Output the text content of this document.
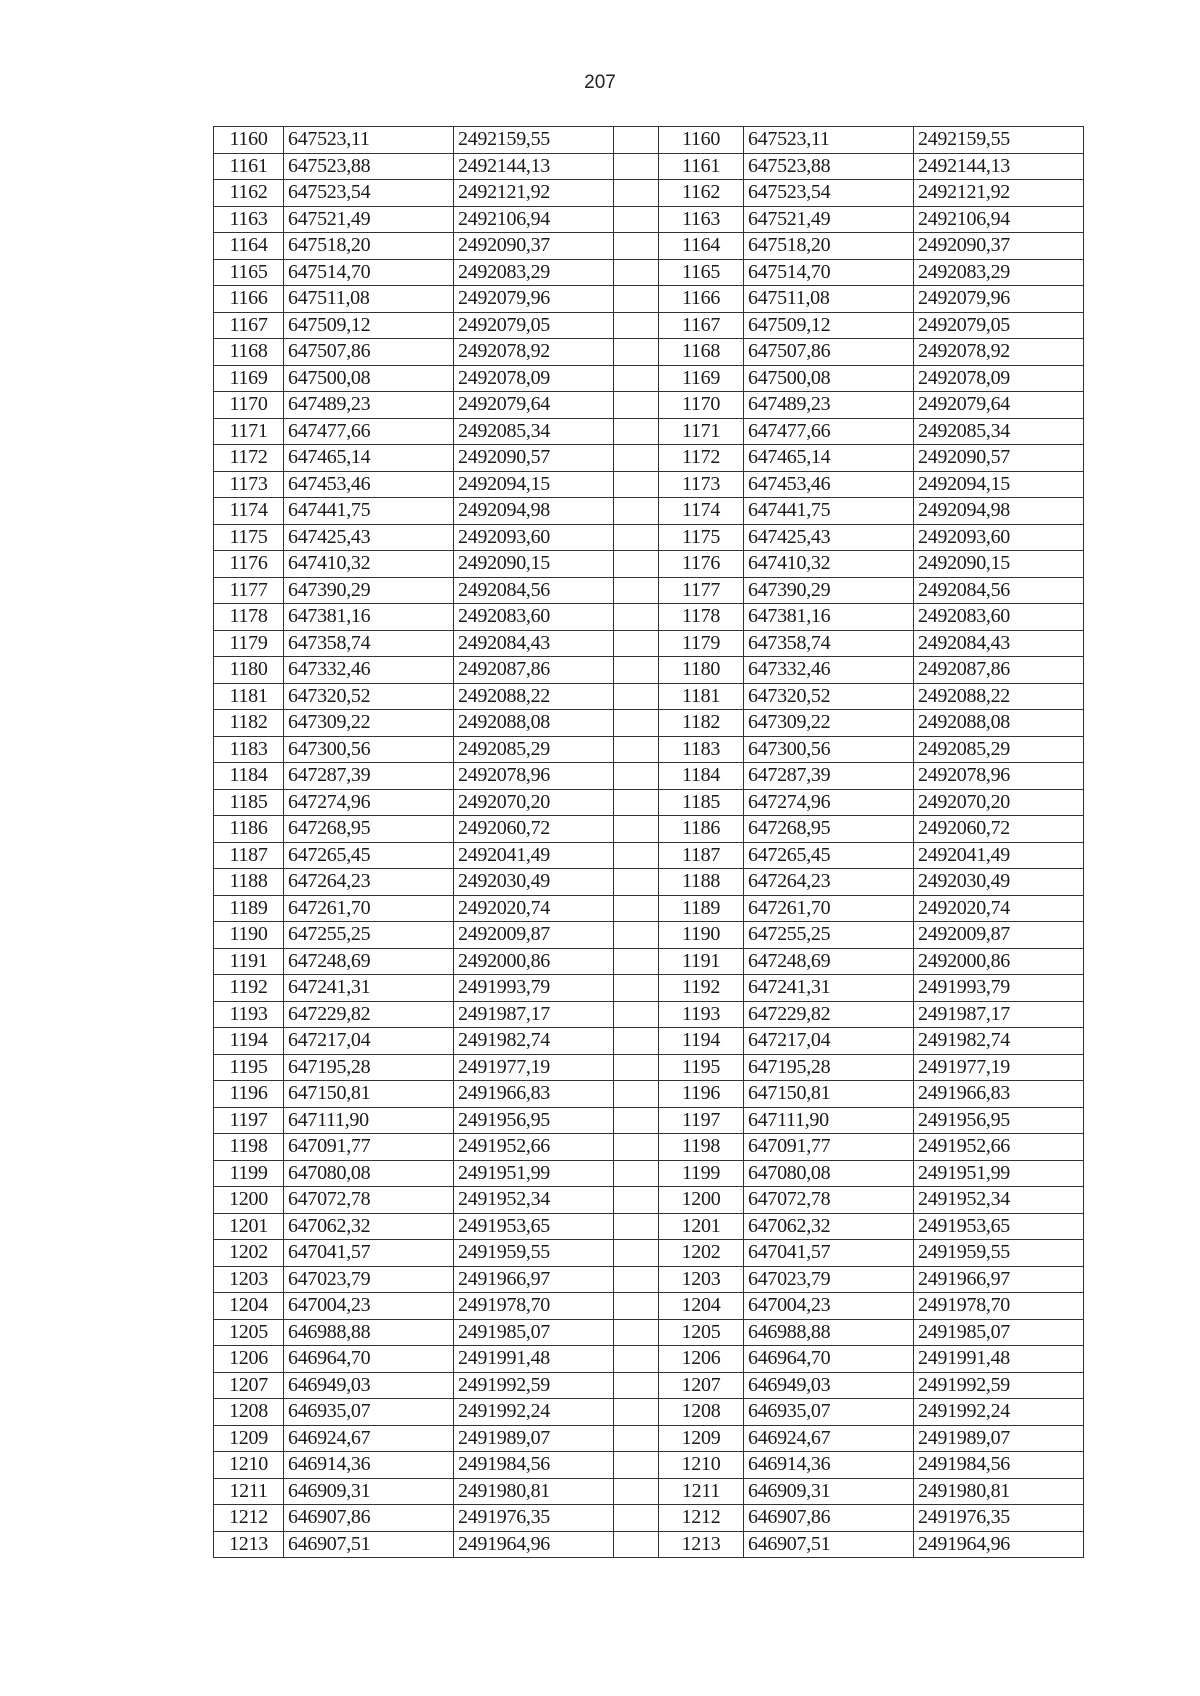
207
1160	647523,11	2492159,55		1160	647523,11	2492159,55
1161	647523,88	2492144,13		1161	647523,88	2492144,13
1162	647523,54	2492121,92		1162	647523,54	2492121,92
1163	647521,49	2492106,94		1163	647521,49	2492106,94
1164	647518,20	2492090,37		1164	647518,20	2492090,37
1165	647514,70	2492083,29		1165	647514,70	2492083,29
1166	647511,08	2492079,96		1166	647511,08	2492079,96
1167	647509,12	2492079,05		1167	647509,12	2492079,05
1168	647507,86	2492078,92		1168	647507,86	2492078,92
1169	647500,08	2492078,09		1169	647500,08	2492078,09
1170	647489,23	2492079,64		1170	647489,23	2492079,64
1171	647477,66	2492085,34		1171	647477,66	2492085,34
1172	647465,14	2492090,57		1172	647465,14	2492090,57
1173	647453,46	2492094,15		1173	647453,46	2492094,15
1174	647441,75	2492094,98		1174	647441,75	2492094,98
1175	647425,43	2492093,60		1175	647425,43	2492093,60
1176	647410,32	2492090,15		1176	647410,32	2492090,15
1177	647390,29	2492084,56		1177	647390,29	2492084,56
1178	647381,16	2492083,60		1178	647381,16	2492083,60
1179	647358,74	2492084,43		1179	647358,74	2492084,43
1180	647332,46	2492087,86		1180	647332,46	2492087,86
1181	647320,52	2492088,22		1181	647320,52	2492088,22
1182	647309,22	2492088,08		1182	647309,22	2492088,08
1183	647300,56	2492085,29		1183	647300,56	2492085,29
1184	647287,39	2492078,96		1184	647287,39	2492078,96
1185	647274,96	2492070,20		1185	647274,96	2492070,20
1186	647268,95	2492060,72		1186	647268,95	2492060,72
1187	647265,45	2492041,49		1187	647265,45	2492041,49
1188	647264,23	2492030,49		1188	647264,23	2492030,49
1189	647261,70	2492020,74		1189	647261,70	2492020,74
1190	647255,25	2492009,87		1190	647255,25	2492009,87
1191	647248,69	2492000,86		1191	647248,69	2492000,86
1192	647241,31	2491993,79		1192	647241,31	2491993,79
1193	647229,82	2491987,17		1193	647229,82	2491987,17
1194	647217,04	2491982,74		1194	647217,04	2491982,74
1195	647195,28	2491977,19		1195	647195,28	2491977,19
1196	647150,81	2491966,83		1196	647150,81	2491966,83
1197	647111,90	2491956,95		1197	647111,90	2491956,95
1198	647091,77	2491952,66		1198	647091,77	2491952,66
1199	647080,08	2491951,99		1199	647080,08	2491951,99
1200	647072,78	2491952,34		1200	647072,78	2491952,34
1201	647062,32	2491953,65		1201	647062,32	2491953,65
1202	647041,57	2491959,55		1202	647041,57	2491959,55
1203	647023,79	2491966,97		1203	647023,79	2491966,97
1204	647004,23	2491978,70		1204	647004,23	2491978,70
1205	646988,88	2491985,07		1205	646988,88	2491985,07
1206	646964,70	2491991,48		1206	646964,70	2491991,48
1207	646949,03	2491992,59		1207	646949,03	2491992,59
1208	646935,07	2491992,24		1208	646935,07	2491992,24
1209	646924,67	2491989,07		1209	646924,67	2491989,07
1210	646914,36	2491984,56		1210	646914,36	2491984,56
1211	646909,31	2491980,81		1211	646909,31	2491980,81
1212	646907,86	2491976,35		1212	646907,86	2491976,35
1213	646907,51	2491964,96		1213	646907,51	2491964,96
